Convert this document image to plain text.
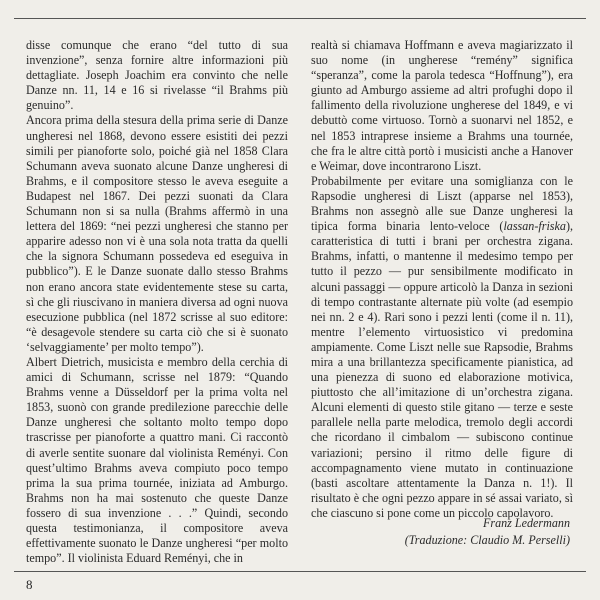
disse comunque che erano “del tutto di sua invenzione”, senza fornire altre informazioni più dettagliate. Joseph Joachim era convinto che nelle Danze nn. 11, 14 e 16 si rivelasse “il Brahms più genuino”.

Ancora prima della stesura della prima serie di Danze ungheresi nel 1868, devono essere esistiti dei pezzi simili per pianoforte solo, poiché già nel 1858 Clara Schumann aveva suonato alcune Danze ungheresi di Brahms, e il compositore stesso le aveva eseguite a Budapest nel 1867. Dei pezzi suonati da Clara Schumann non si sa nulla (Brahms affermò in una lettera del 1869: “nei pezzi ungheresi che stanno per apparire adesso non vi è una sola nota tratta da quelli che la signora Schumann possedeva ed eseguiva in pubblico”). E le Danze suonate dallo stesso Brahms non erano ancora state evidentemente stese su carta, sì che gli riuscivano in maniera diversa ad ogni nuova esecuzione pubblica (nel 1872 scrisse al suo editore: “è desagevole stendere su carta ciò che si è suonato ‘selvaggiamente’ per molto tempo”).

Albert Dietrich, musicista e membro della cerchia di amici di Schumann, scrisse nel 1879: “Quando Brahms venne a Düsseldorf per la prima volta nel 1853, suonò con grande predilezione parecchie delle Danze ungheresi che soltanto molto tempo dopo trascrisse per pianoforte a quattro mani. Ci raccontò di averle sentite suonare dal violinista Reményi. Con quest’ultimo Brahms aveva compiuto poco tempo prima la sua prima tournée, iniziata ad Amburgo. Brahms non ha mai sostenuto che queste Danze fossero di sua invenzione . . .” Quindi, secondo questa testimonianza, il compositore aveva effettivamente suonato le Danze ungheresi “per molto tempo”. Il violinista Eduard Reményi, che in

realtà si chiamava Hoffmann e aveva magiarizzato il suo nome (in ungherese “remény” significa “speranza”, come la parola tedesca “Hoffnung”), era giunto ad Amburgo assieme ad altri profughi dopo il fallimento della rivoluzione ungherese del 1849, e vi debuttò come virtuoso. Tornò a suonarvi nel 1852, e nel 1853 intraprese insieme a Brahms una tournée, che fra le altre città portò i musicisti anche a Hanover e Weimar, dove incontrarono Liszt.

Probabilmente per evitare una somiglianza con le Rapsodie ungheresi di Liszt (apparse nel 1853), Brahms non assegnò alle sue Danze ungheresi la tipica forma binaria lento-veloce (lassan-friska), caratteristica di tutti i brani per orchestra zigana. Brahms, infatti, o mantenne il medesimo tempo per tutto il pezzo — pur sensibilmente modificato in alcuni passaggi — oppure articolò la Danza in sezioni di tempo contrastante alternate più volte (ad esempio nei nn. 2 e 4). Rari sono i pezzi lenti (come il n. 11), mentre l’elemento virtuosistico vi predomina ampiamente. Come Liszt nelle sue Rapsodie, Brahms mira a una brillantezza specificamente pianistica, ad una pienezza di suono ed elaborazione motivica, piuttosto che all’imitazione di un’orchestra zigana. Alcuni elementi di questo stile gitano — terze e seste parallele nella parte melodica, tremolo degli accordi che ricordano il cimbalom — subiscono continue variazioni; persino il ritmo delle figure di accompagnamento viene mutato in continuazione (basti ascoltare attentamente la Danza n. 1!). Il risultato è che ogni pezzo appare in sé assai variato, sì che ciascuno si pone come un piccolo capolavoro.

Franz Ledermann
(Traduzione: Claudio M. Perselli)
8
